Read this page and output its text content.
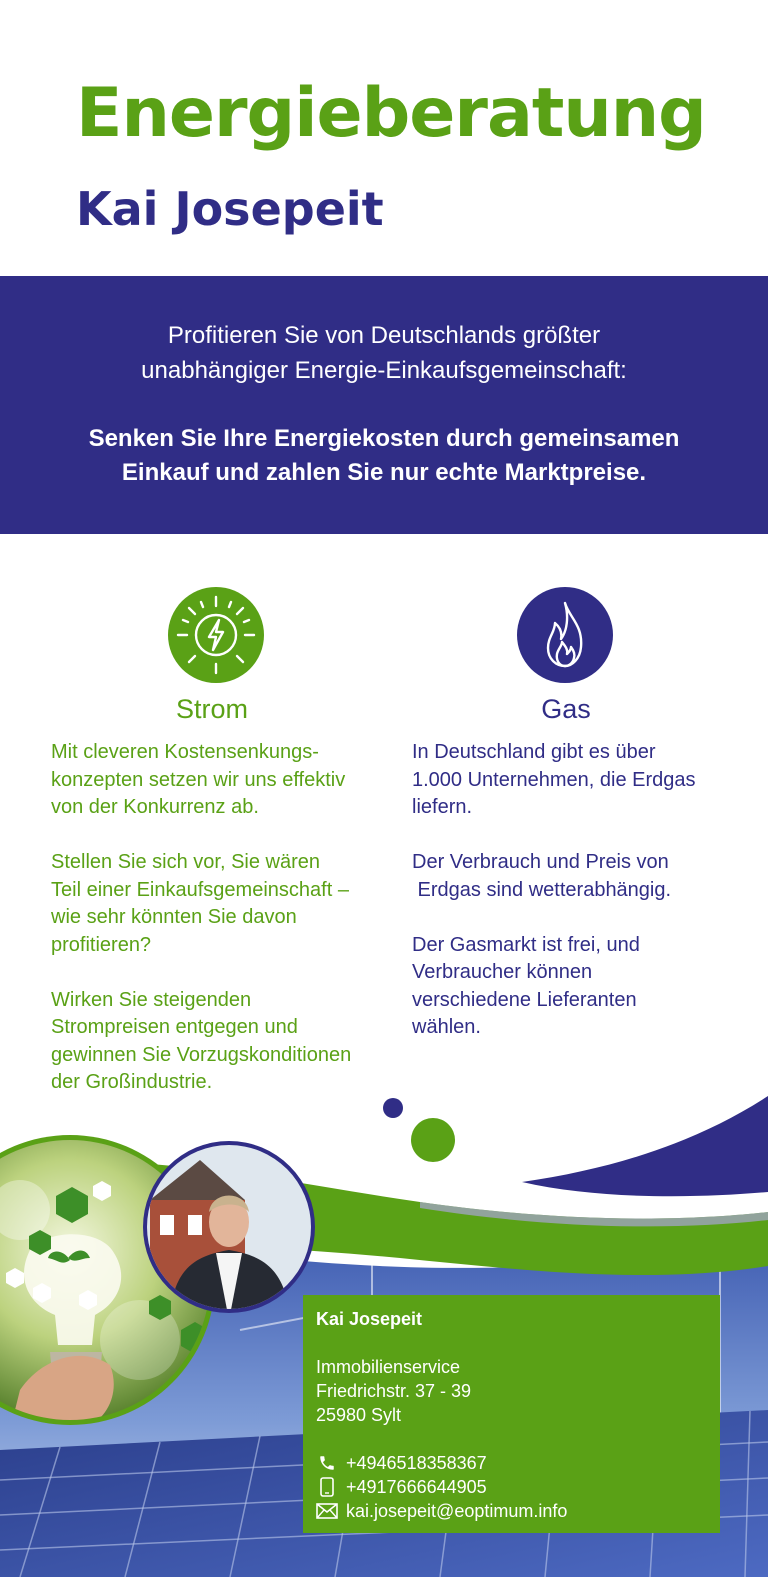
Energieberatung
Kai Josepeit
Profitieren Sie von Deutschlands größter
unabhängiger Energie-Einkaufsgemeinschaft:
Senken Sie Ihre Energiekosten durch gemeinsamen
Einkauf und zahlen Sie nur echte Marktpreise.
Strom	Gas

Mit cleveren Kostensenkungs-
konzepten setzen wir uns effektiv
von der Konkurrenz ab.

Stellen Sie sich vor, Sie wären
Teil einer Einkaufsgemeinschaft –
wie sehr könnten Sie davon
profitieren?

Wirken Sie steigenden
Strompreisen entgegen und
gewinnen Sie Vorzugskonditionen
der Großindustrie.

In Deutschland gibt es über
1.000 Unternehmen, die Erdgas
liefern.

Der Verbrauch und Preis von
Erdgas sind wetterabhängig.

Der Gasmarkt ist frei, und
Verbraucher können
verschiedene Lieferanten
wählen.

Kai Josepeit
Immobilienservice
Friedrichstr. 37 - 39
25980 Sylt
+4946518358367
+4917666644905
kai.josepeit@eoptimum.info
